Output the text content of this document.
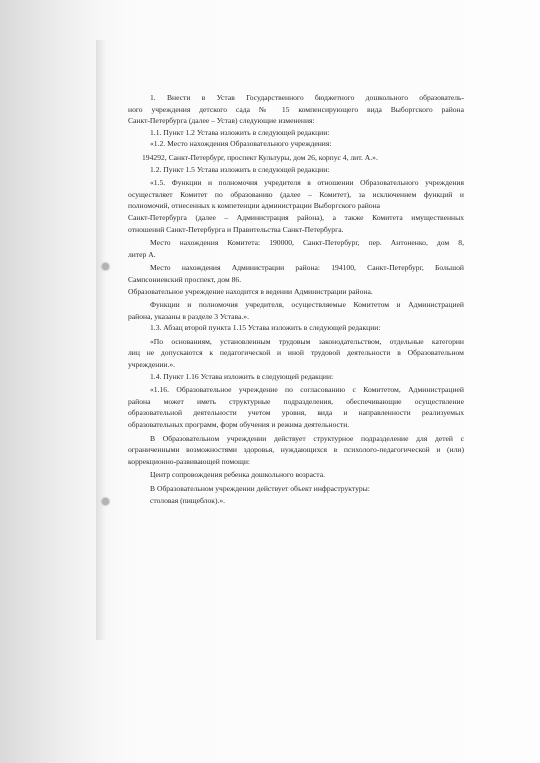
1. Внести в Устав Государственного бюджетного дошкольного образователь-

ного учреждения детского сада № 15 компенсирующего вида Выборгского района

Санкт-Петербурга (далее – Устав) следующие изменения:

1.1. Пункт 1.2 Устава изложить в следующей редакции:

«1.2. Место нахождения Образовательного учреждения:

194292, Санкт-Петербург, проспект Культуры, дом 26, корпус 4, лит. А.».

1.2. Пункт 1.5 Устава изложить в следующей редакции:

«1.5. Функции и полномочия учредителя в отношении Образовательного учреждения

осуществляет Комитет по образованию (далее – Комитет), за исключением функций и

полномочий, отнесенных к компетенции администрации Выборгского района

Санкт-Петербурга (далее – Администрация района), а также Комитета имущественных

отношений Санкт-Петербурга и Правительства Санкт-Петербурга.

Место нахождения Комитета: 190000, Санкт-Петербург, пер. Антоненко, дом 8,

литер А.

Место нахождения Администрации района: 194100, Санкт-Петербург, Большой

Сампсониевский проспект, дом 86.

Образовательное учреждение находится в ведении Администрации района.

Функции и полномочия учредителя, осуществляемые Комитетом и Администрацией

района, указаны в разделе 3 Устава.».

1.3. Абзац второй пункта 1.15 Устава изложить в следующей редакции:

«По основаниям, установленным трудовым законодательством, отдельные категории

лиц не допускаются к педагогической и иной трудовой деятельности в Образовательном

учреждении.».

1.4. Пункт 1.16 Устава изложить в следующей редакции:

«1.16. Образовательное учреждение по согласованию с Комитетом, Администрацией

района может иметь структурные подразделения, обеспечивающие осуществление

образовательной деятельности учетом уровня, вида и направленности реализуемых

образовательных программ, форм обучения и режима деятельности.

В Образовательном учреждении действует структурное подразделение для детей с

ограниченными возможностями здоровья, нуждающихся в психолого-педагогической и (или)

коррекционно-развивающей помощи:

Центр сопровождения ребенка дошкольного возраста.

В Образовательном учреждении действует объект инфраструктуры:

столовая (пищеблок).».
